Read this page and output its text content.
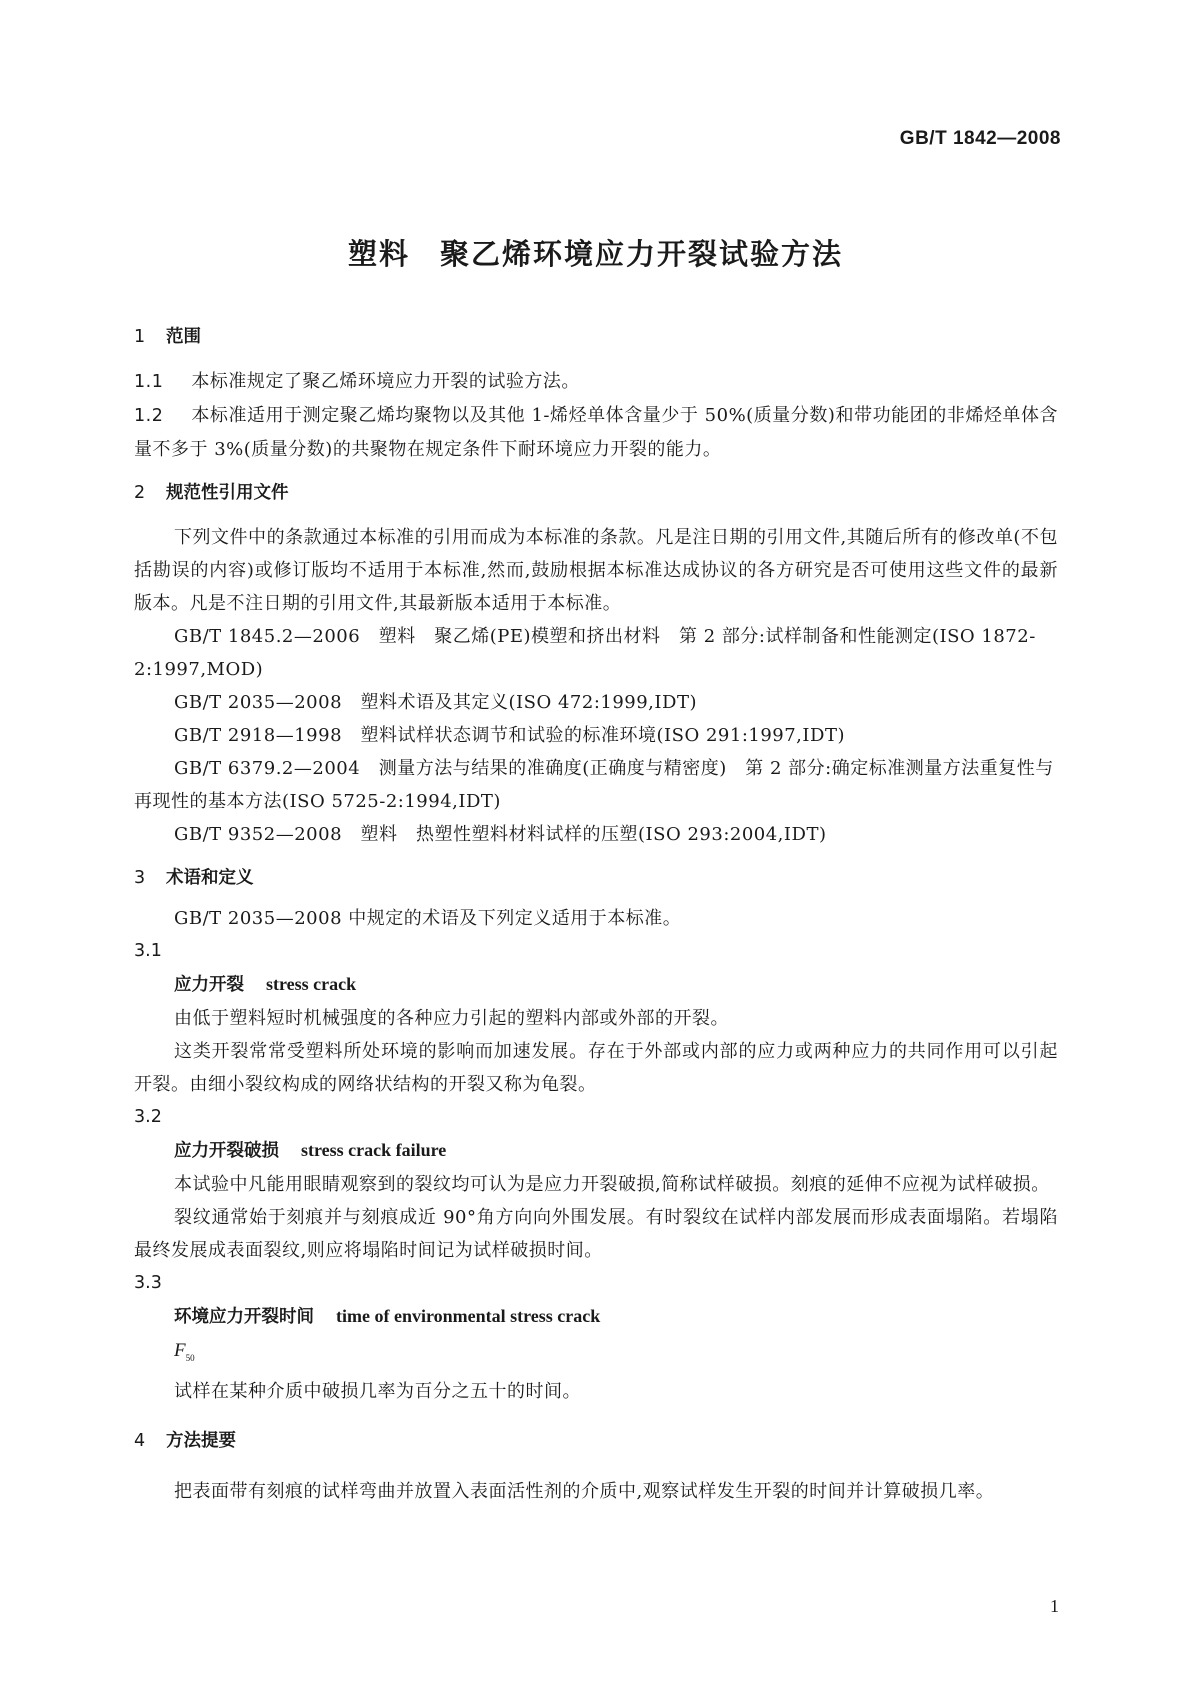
GB/T 1842—2008
塑料 聚乙烯环境应力开裂试验方法

1 范围

1.1 本标准规定了聚乙烯环境应力开裂的试验方法。

1.2 本标准适用于测定聚乙烯均聚物以及其他 1-烯烃单体含量少于 50%(质量分数)和带功能团的非烯烃单体含量不多于 3%(质量分数)的共聚物在规定条件下耐环境应力开裂的能力。

2 规范性引用文件

下列文件中的条款通过本标准的引用而成为本标准的条款。凡是注日期的引用文件,其随后所有的修改单(不包括勘误的内容)或修订版均不适用于本标准,然而,鼓励根据本标准达成协议的各方研究是否可使用这些文件的最新版本。凡是不注日期的引用文件,其最新版本适用于本标准。

GB/T 1845.2—2006　塑料　聚乙烯(PE)模塑和挤出材料　第 2 部分:试样制备和性能测定(ISO 1872-2:1997,MOD)

GB/T 2035—2008　塑料术语及其定义(ISO 472:1999,IDT)

GB/T 2918—1998　塑料试样状态调节和试验的标准环境(ISO 291:1997,IDT)

GB/T 6379.2—2004　测量方法与结果的准确度(正确度与精密度)　第 2 部分:确定标准测量方法重复性与再现性的基本方法(ISO 5725-2:1994,IDT)

GB/T 9352—2008　塑料　热塑性塑料材料试样的压塑(ISO 293:2004,IDT)

3 术语和定义

GB/T 2035—2008 中规定的术语及下列定义适用于本标准。

3.1

应力开裂 stress crack

由低于塑料短时机械强度的各种应力引起的塑料内部或外部的开裂。

这类开裂常常受塑料所处环境的影响而加速发展。存在于外部或内部的应力或两种应力的共同作用可以引起开裂。由细小裂纹构成的网络状结构的开裂又称为龟裂。

3.2

应力开裂破损 stress crack failure

本试验中凡能用眼睛观察到的裂纹均可认为是应力开裂破损,简称试样破损。刻痕的延伸不应视为试样破损。

裂纹通常始于刻痕并与刻痕成近 90°角方向向外围发展。有时裂纹在试样内部发展而形成表面塌陷。若塌陷最终发展成表面裂纹,则应将塌陷时间记为试样破损时间。

3.3

环境应力开裂时间 time of environmental stress crack

$F_{50}$

试样在某种介质中破损几率为百分之五十的时间。

4 方法提要

把表面带有刻痕的试样弯曲并放置入表面活性剂的介质中,观察试样发生开裂的时间并计算破损几率。

1
